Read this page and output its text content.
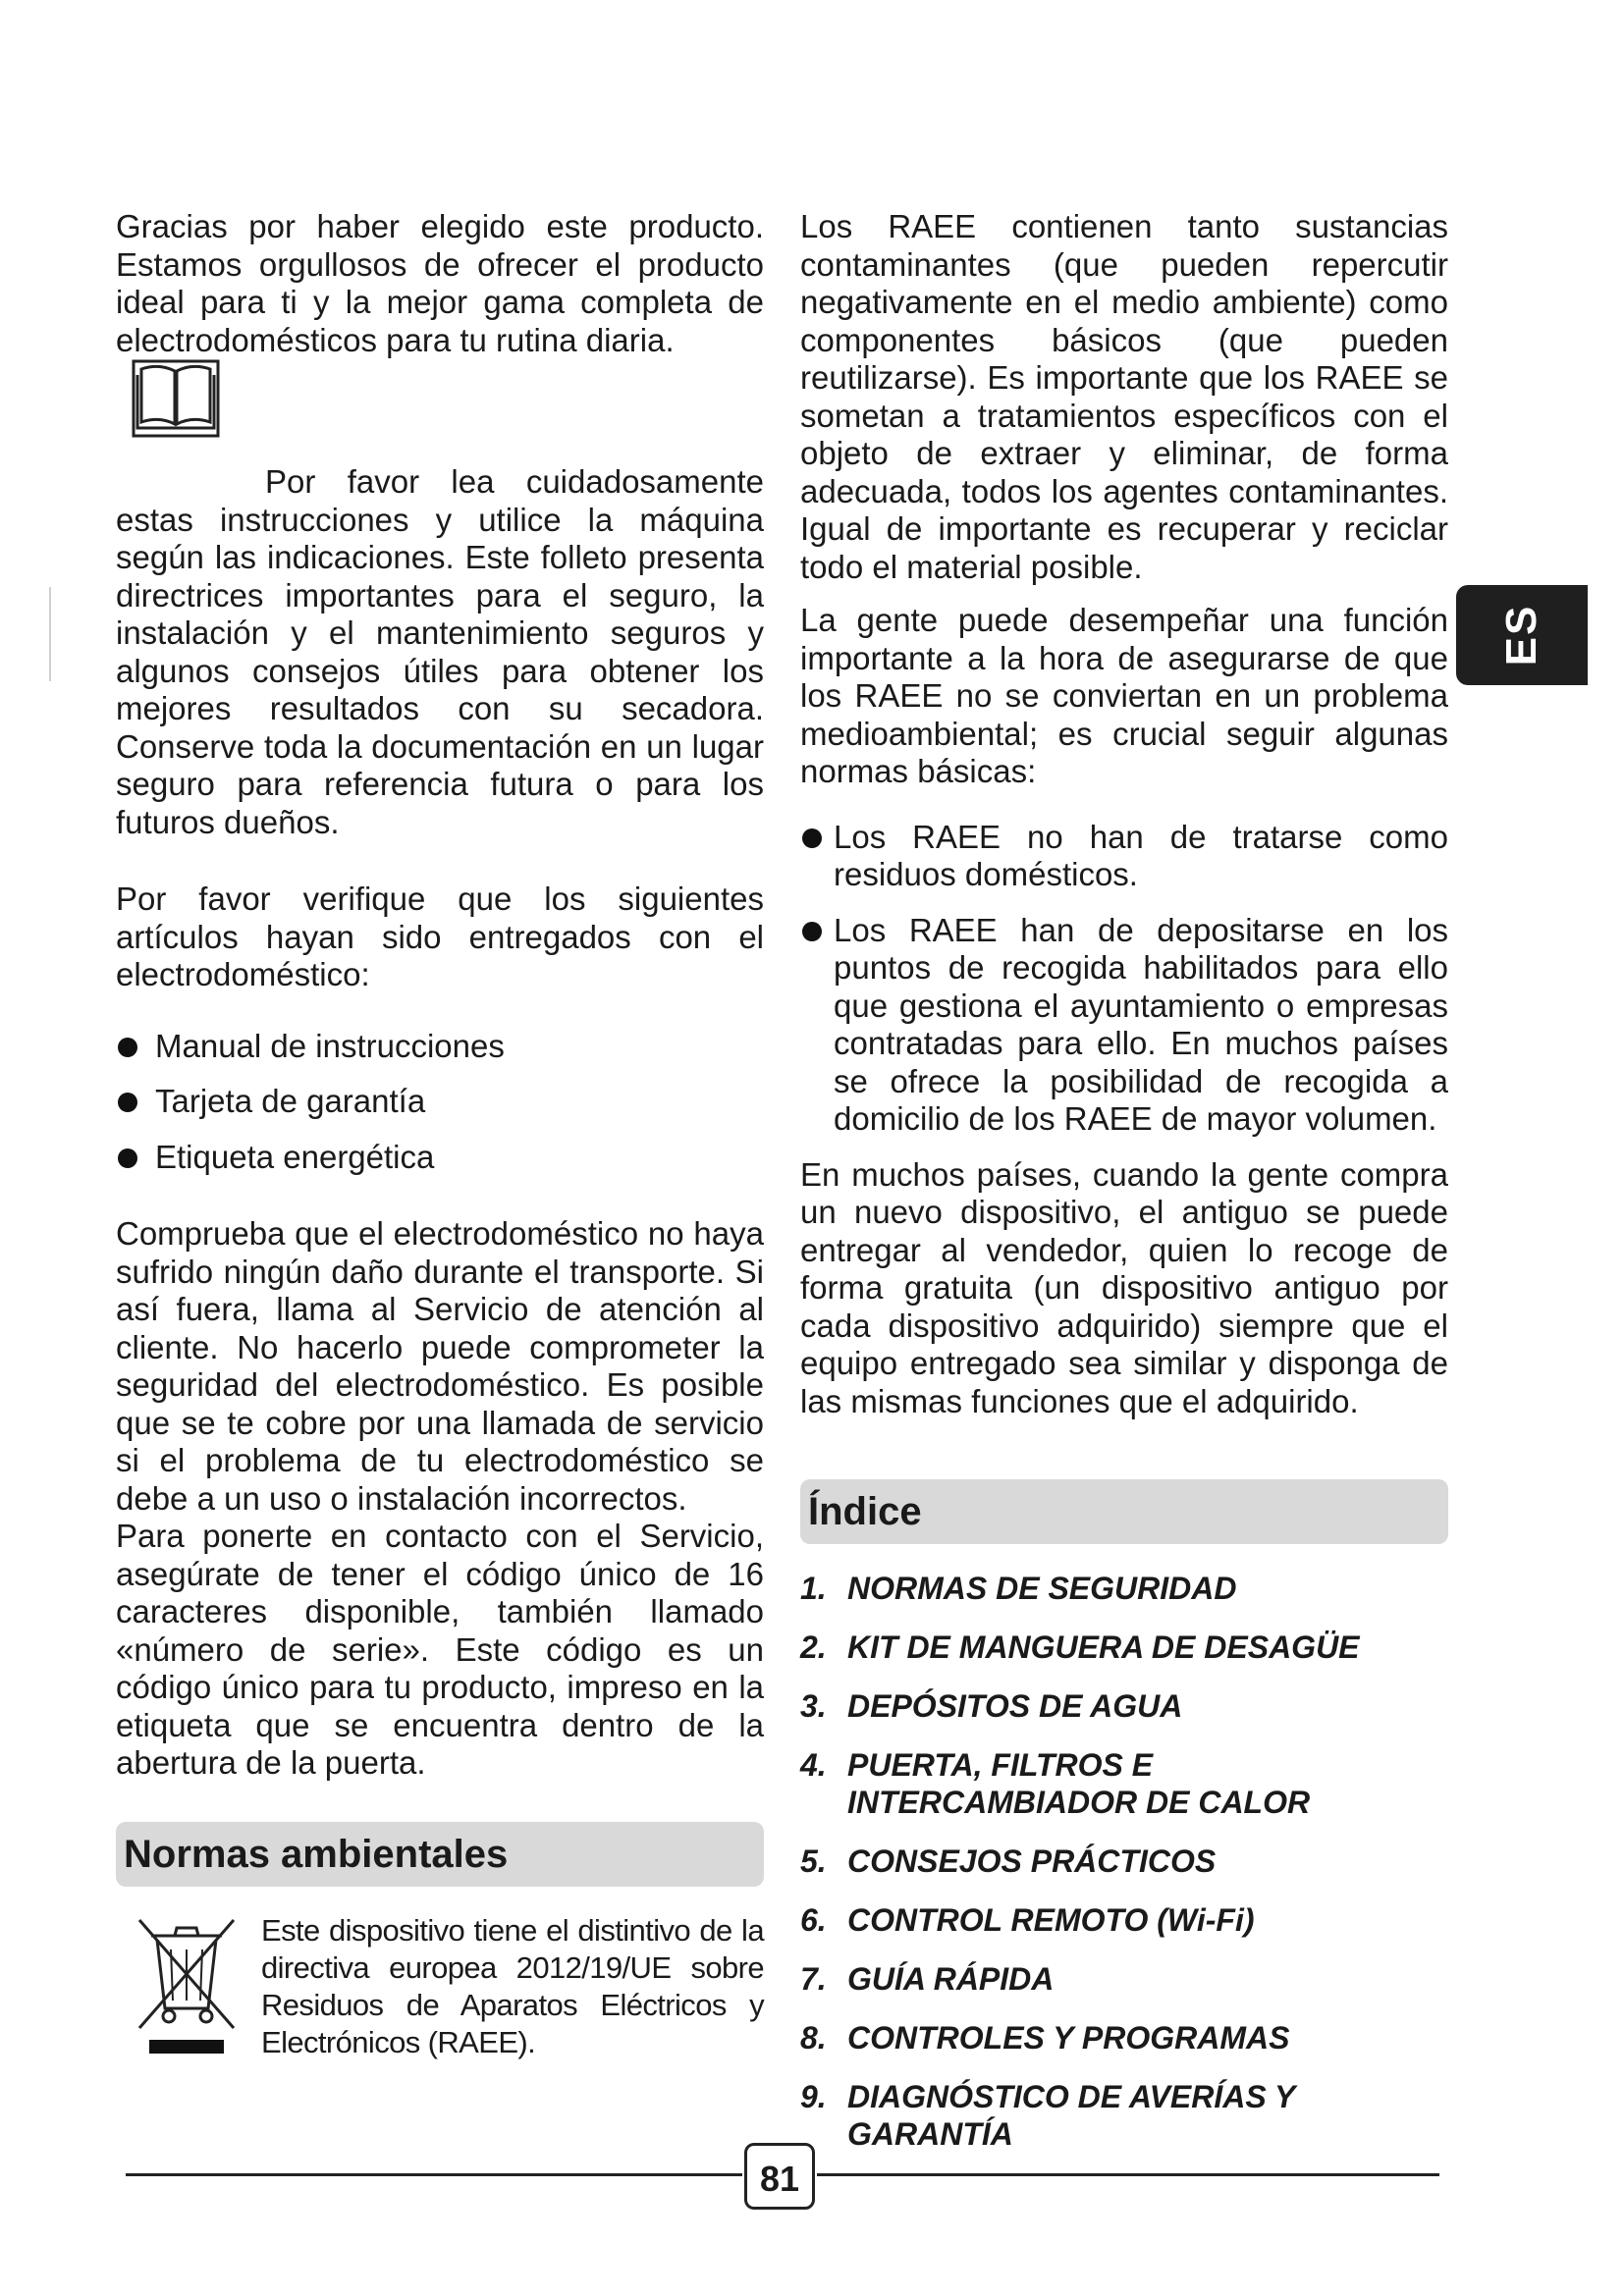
Gracias por haber elegido este producto. Estamos orgullosos de ofrecer el producto ideal para ti y la mejor gama completa de electrodomésticos para tu rutina diaria.

Por favor lea cuidadosamente estas instrucciones y utilice la máquina según las indicaciones. Este folleto presenta directrices importantes para el seguro, la instalación y el mantenimiento seguros y algunos consejos útiles para obtener los mejores resultados con su secadora. Conserve toda la documentación en un lugar seguro para referencia futura o para los futuros dueños.

Por favor verifique que los siguientes artículos hayan sido entregados con el electrodoméstico:

Manual de instrucciones
Tarjeta de garantía
Etiqueta energética

Comprueba que el electrodoméstico no haya sufrido ningún daño durante el transporte. Si así fuera, llama al Servicio de atención al cliente. No hacerlo puede comprometer la seguridad del electrodoméstico. Es posible que se te cobre por una llamada de servicio si el problema de tu electrodoméstico se debe a un uso o instalación incorrectos.

Para ponerte en contacto con el Servicio, asegúrate de tener el código único de 16 caracteres disponible, también llamado «número de serie». Este código es un código único para tu producto, impreso en la etiqueta que se encuentra dentro de la abertura de la puerta.

Normas ambientales
Este dispositivo tiene el distintivo de la directiva europea 2012/19/UE sobre Residuos de Aparatos Eléctricos y Electrónicos (RAEE).

Los RAEE contienen tanto sustancias contaminantes (que pueden repercutir negativamente en el medio ambiente) como componentes básicos (que pueden reutilizarse). Es importante que los RAEE se sometan a tratamientos específicos con el objeto de extraer y eliminar, de forma adecuada, todos los agentes contaminantes. Igual de importante es recuperar y reciclar todo el material posible.

La gente puede desempeñar una función importante a la hora de asegurarse de que los RAEE no se conviertan en un problema medioambiental; es crucial seguir algunas normas básicas:

Los RAEE no han de tratarse como residuos domésticos.
Los RAEE han de depositarse en los puntos de recogida habilitados para ello que gestiona el ayuntamiento o empresas contratadas para ello. En muchos países se ofrece la posibilidad de recogida a domicilio de los RAEE de mayor volumen.

En muchos países, cuando la gente compra un nuevo dispositivo, el antiguo se puede entregar al vendedor, quien lo recoge de forma gratuita (un dispositivo antiguo por cada dispositivo adquirido) siempre que el equipo entregado sea similar y disponga de las mismas funciones que el adquirido.

Índice
1. NORMAS DE SEGURIDAD
2. KIT DE MANGUERA DE DESAGÜE
3. DEPÓSITOS DE AGUA
4. PUERTA, FILTROS E INTERCAMBIADOR DE CALOR
5. CONSEJOS PRÁCTICOS
6. CONTROL REMOTO (Wi-Fi)
7. GUÍA RÁPIDA
8. CONTROLES Y PROGRAMAS
9. DIAGNÓSTICO DE AVERÍAS Y GARANTÍA
ES
81
